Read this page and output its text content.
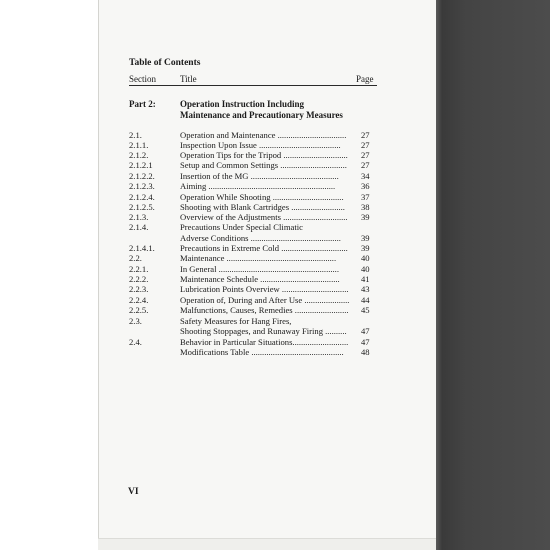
Table of Contents
Section	Title	Page
Part 2:	Operation Instruction Including
Maintenance and Precautionary Measures
2.1.	Operation and Maintenance ................................	27
2.1.1.	Inspection Upon Issue ......................................	27
2.1.2.	Operation Tips for the Tripod ..............................	27
2.1.2.1	Setup and Common Settings ...............................	27
2.1.2.2.	Insertion of the MG .........................................	34
2.1.2.3.	Aiming ...........................................................	36
2.1.2.4.	Operation While Shooting .................................	37
2.1.2.5.	Shooting with Blank Cartridges .........................	38
2.1.3.	Overview of the Adjustments ..............................	39
2.1.4.	Precautions Under Special Climatic
Adverse Conditions ..........................................	39
2.1.4.1.	Precautions in Extreme Cold ...............................	39
2.2.	Maintenance ...................................................	40
2.2.1.	In General ........................................................	40
2.2.2.	Maintenance Schedule .....................................	41
2.2.3.	Lubrication Points Overview ...............................	43
2.2.4.	Operation of, During and After Use .....................	44
2.2.5.	Malfunctions, Causes, Remedies .........................	45
2.3.	Safety Measures for Hang Fires,
Shooting Stoppages, and Runaway Firing ..........	47
2.4.	Behavior in Particular Situations..........................	47
Modifications Table ...........................................	48
VI
